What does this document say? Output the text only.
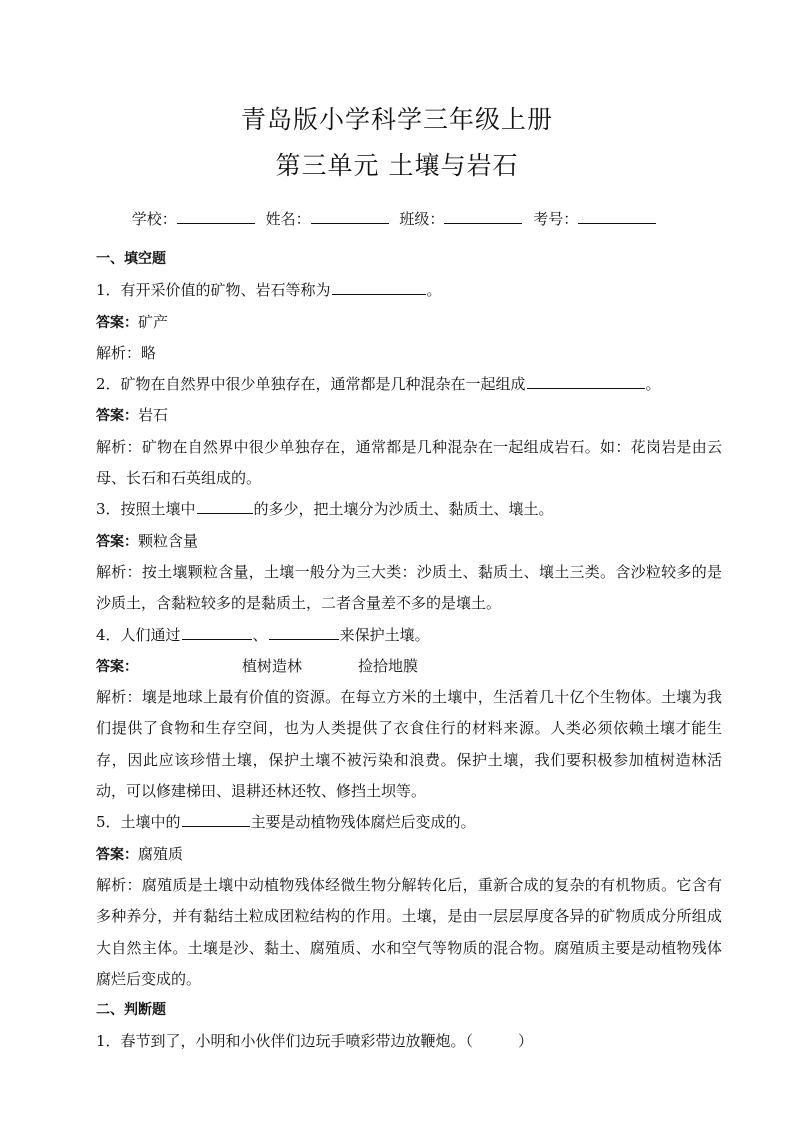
青岛版小学科学三年级上册
第三单元 土壤与岩石
学校：	姓名：	班级：	考号：
一、填空题
1．有开采价值的矿物、岩石等称为	。
答案：矿产
解析：略
2．矿物在自然界中很少单独存在，通常都是几种混杂在一起组成	。
答案：岩石
解析：矿物在自然界中很少单独存在，通常都是几种混杂在一起组成岩石。如：花岗岩是由云母、长石和石英组成的。
3．按照土壤中	的多少，把土壤分为沙质土、黏质土、壤土。
答案：颗粒含量
解析：按土壤颗粒含量，土壤一般分为三大类：沙质土、黏质土、壤土三类。含沙粒较多的是沙质土，含黏粒较多的是黏质土，二者含量差不多的是壤土。
4．人们通过	、	来保护土壤。
答案：	植树造林	捡拾地膜
解析：壤是地球上最有价值的资源。在每立方米的土壤中，生活着几十亿个生物体。土壤为我们提供了食物和生存空间，也为人类提供了衣食住行的材料来源。人类必须依赖土壤才能生存，因此应该珍惜土壤，保护土壤不被污染和浪费。保护土壤，我们要积极参加植树造林活动，可以修建梯田、退耕还林还牧、修挡土坝等。
5．土壤中的	主要是动植物残体腐烂后变成的。
答案：腐殖质
解析：腐殖质是土壤中动植物残体经微生物分解转化后，重新合成的复杂的有机物质。它含有多种养分，并有黏结土粒成团粒结构的作用。土壤，是由一层层厚度各异的矿物质成分所组成大自然主体。土壤是沙、黏土、腐殖质、水和空气等物质的混合物。腐殖质主要是动植物残体腐烂后变成的。
二、判断题
1．春节到了，小明和小伙伴们边玩手喷彩带边放鞭炮。（　　　）
